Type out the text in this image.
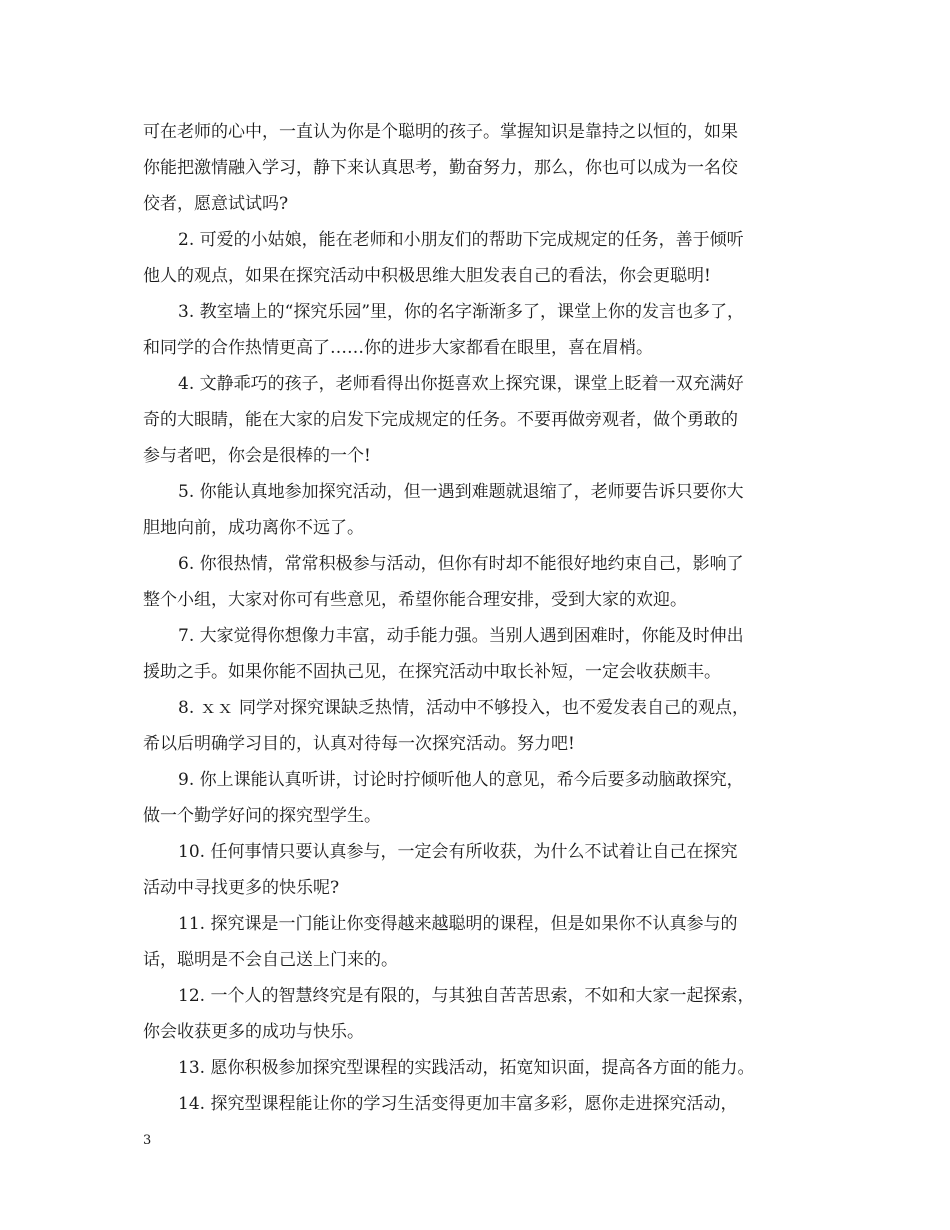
可在老师的心中，一直认为你是个聪明的孩子。掌握知识是靠持之以恒的，如果
你能把激情融入学习，静下来认真思考，勤奋努力，那么，你也可以成为一名佼
佼者，愿意试试吗?
2. 可爱的小姑娘，能在老师和小朋友们的帮助下完成规定的任务，善于倾听
他人的观点，如果在探究活动中积极思维大胆发表自己的看法，你会更聪明!
3. 教室墙上的“探究乐园”里，你的名字渐渐多了，课堂上你的发言也多了，
和同学的合作热情更高了……你的进步大家都看在眼里，喜在眉梢。
4. 文静乖巧的孩子，老师看得出你挺喜欢上探究课，课堂上眨着一双充满好
奇的大眼睛，能在大家的启发下完成规定的任务。不要再做旁观者，做个勇敢的
参与者吧，你会是很棒的一个!
5. 你能认真地参加探究活动，但一遇到难题就退缩了，老师要告诉只要你大
胆地向前，成功离你不远了。
6. 你很热情，常常积极参与活动，但你有时却不能很好地约束自己，影响了
整个小组，大家对你可有些意见，希望你能合理安排，受到大家的欢迎。
7. 大家觉得你想像力丰富，动手能力强。当别人遇到困难时，你能及时伸出
援助之手。如果你能不固执己见，在探究活动中取长补短，一定会收获颇丰。
8. ｘｘ 同学对探究课缺乏热情，活动中不够投入，也不爱发表自己的观点，
希以后明确学习目的，认真对待每一次探究活动。努力吧!
9. 你上课能认真听讲，讨论时拧倾听他人的意见，希今后要多动脑敢探究，
做一个勤学好问的探究型学生。
10. 任何事情只要认真参与，一定会有所收获，为什么不试着让自己在探究
活动中寻找更多的快乐呢?
11. 探究课是一门能让你变得越来越聪明的课程，但是如果你不认真参与的
话，聪明是不会自己送上门来的。
12. 一个人的智慧终究是有限的，与其独自苦苦思索，不如和大家一起探索，
你会收获更多的成功与快乐。
13. 愿你积极参加探究型课程的实践活动，拓宽知识面，提高各方面的能力。
14. 探究型课程能让你的学习生活变得更加丰富多彩，愿你走进探究活动，
3
